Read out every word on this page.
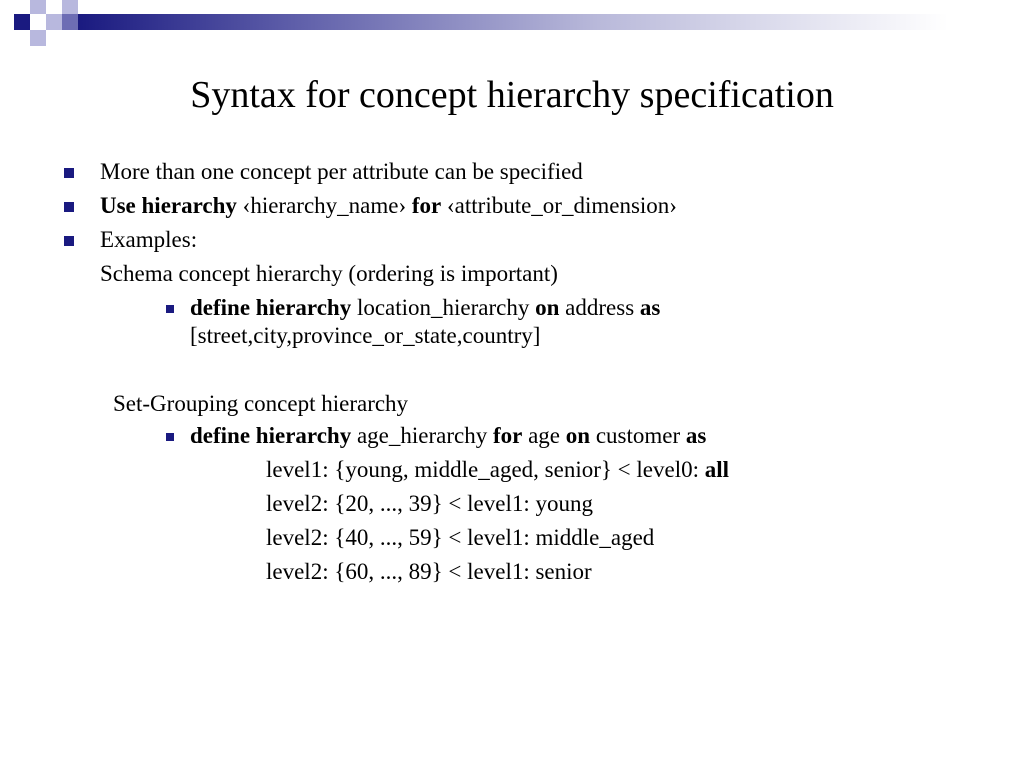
Syntax for concept hierarchy specification
More than one concept per attribute can be specified
Use hierarchy ‹hierarchy_name› for ‹attribute_or_dimension›
Examples:
Schema concept hierarchy (ordering is important)
define hierarchy location_hierarchy on address as
[street,city,province_or_state,country]
Set-Grouping concept hierarchy
define hierarchy age_hierarchy for age on customer as
level1: {young, middle_aged, senior} < level0: all
level2: {20, ..., 39} < level1: young
level2: {40, ..., 59} < level1: middle_aged
level2: {60, ..., 89} < level1: senior
